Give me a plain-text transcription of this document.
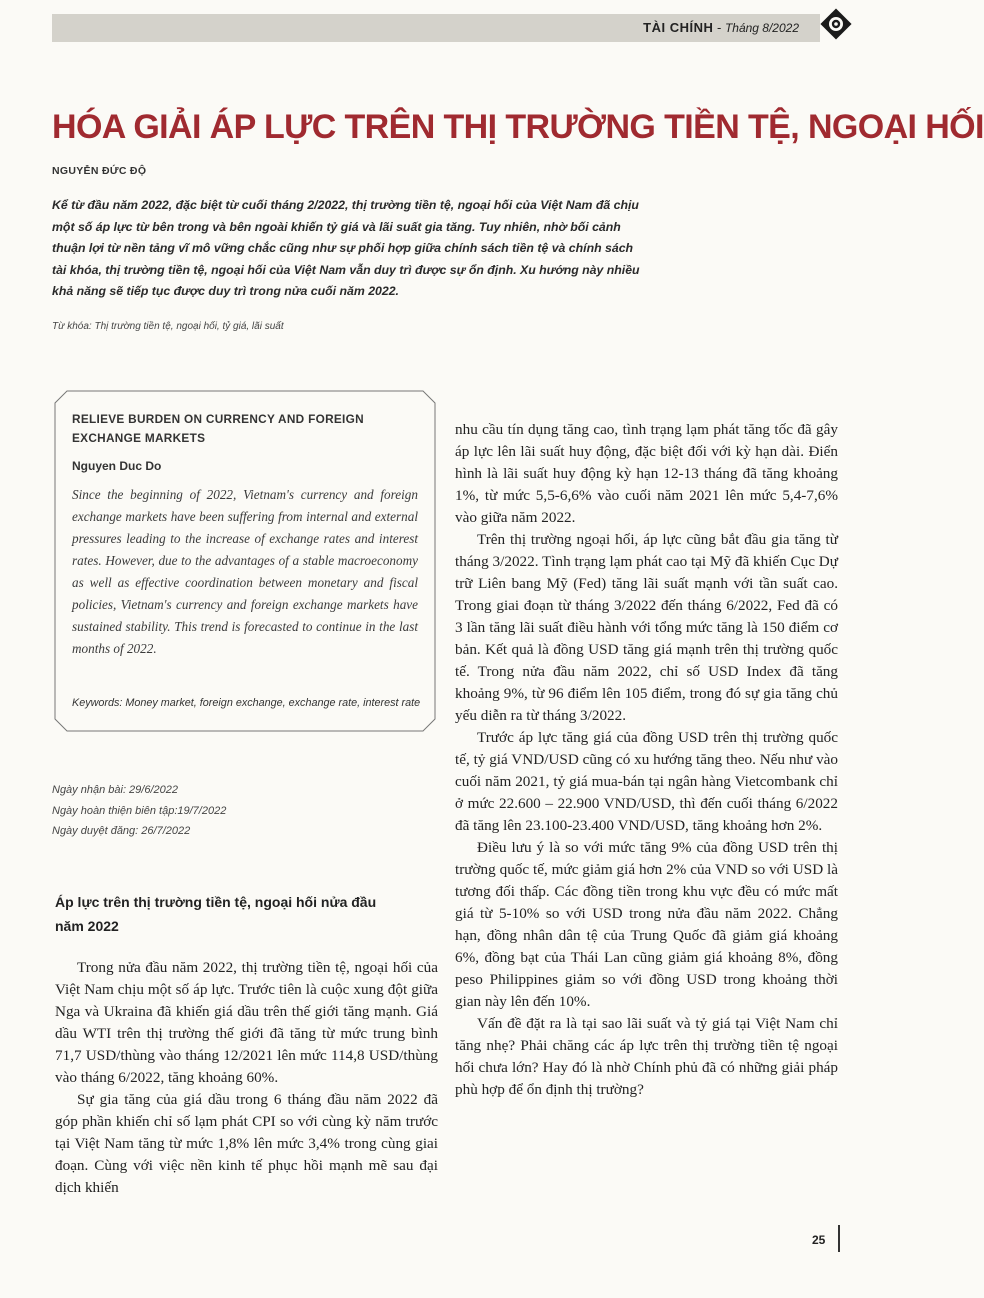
TÀI CHÍNH - Tháng 8/2022
HÓA GIẢI ÁP LỰC TRÊN THỊ TRƯỜNG TIỀN TỆ, NGOẠI HỐI
NGUYỄN ĐỨC ĐỘ
Kể từ đầu năm 2022, đặc biệt từ cuối tháng 2/2022, thị trường tiền tệ, ngoại hối của Việt Nam đã chịu một số áp lực từ bên trong và bên ngoài khiến tỷ giá và lãi suất gia tăng. Tuy nhiên, nhờ bối cảnh thuận lợi từ nền tảng vĩ mô vững chắc cũng như sự phối hợp giữa chính sách tiền tệ và chính sách tài khóa, thị trường tiền tệ, ngoại hối của Việt Nam vẫn duy trì được sự ổn định. Xu hướng này nhiều khả năng sẽ tiếp tục được duy trì trong nửa cuối năm 2022.
Từ khóa: Thị trường tiền tệ, ngoại hối, tỷ giá, lãi suất
RELIEVE BURDEN ON CURRENCY AND FOREIGN EXCHANGE MARKETS
Nguyen Duc Do
Since the beginning of 2022, Vietnam's currency and foreign exchange markets have been suffering from internal and external pressures leading to the increase of exchange rates and interest rates. However, due to the advantages of a stable macroeconomy as well as effective coordination between monetary and fiscal policies, Vietnam's currency and foreign exchange markets have sustained stability. This trend is forecasted to continue in the last months of 2022.
Keywords: Money market, foreign exchange, exchange rate, interest rate
Ngày nhận bài: 29/6/2022
Ngày hoàn thiện biên tập:19/7/2022
Ngày duyệt đăng: 26/7/2022
Áp lực trên thị trường tiền tệ, ngoại hối nửa đầu năm 2022

Trong nửa đầu năm 2022, thị trường tiền tệ, ngoại hối của Việt Nam chịu một số áp lực. Trước tiên là cuộc xung đột giữa Nga và Ukraina đã khiến giá dầu trên thế giới tăng mạnh. Giá dầu WTI trên thị trường thế giới đã tăng từ mức trung bình 71,7 USD/thùng vào tháng 12/2021 lên mức 114,8 USD/thùng vào tháng 6/2022, tăng khoảng 60%.

Sự gia tăng của giá dầu trong 6 tháng đầu năm 2022 đã góp phần khiến chỉ số lạm phát CPI so với cùng kỳ năm trước tại Việt Nam tăng từ mức 1,8% lên mức 3,4% trong cùng giai đoạn. Cùng với việc nền kinh tế phục hồi mạnh mẽ sau đại dịch khiến

nhu cầu tín dụng tăng cao, tình trạng lạm phát tăng tốc đã gây áp lực lên lãi suất huy động, đặc biệt đối với kỳ hạn dài. Điển hình là lãi suất huy động kỳ hạn 12-13 tháng đã tăng khoảng 1%, từ mức 5,5-6,6% vào cuối năm 2021 lên mức 5,4-7,6% vào giữa năm 2022.

Trên thị trường ngoại hối, áp lực cũng bắt đầu gia tăng từ tháng 3/2022. Tình trạng lạm phát cao tại Mỹ đã khiến Cục Dự trữ Liên bang Mỹ (Fed) tăng lãi suất mạnh với tần suất cao. Trong giai đoạn từ tháng 3/2022 đến tháng 6/2022, Fed đã có 3 lần tăng lãi suất điều hành với tổng mức tăng là 150 điểm cơ bản. Kết quả là đồng USD tăng giá mạnh trên thị trường quốc tế. Trong nửa đầu năm 2022, chỉ số USD Index đã tăng khoảng 9%, từ 96 điểm lên 105 điểm, trong đó sự gia tăng chủ yếu diễn ra từ tháng 3/2022.

Trước áp lực tăng giá của đồng USD trên thị trường quốc tế, tỷ giá VND/USD cũng có xu hướng tăng theo. Nếu như vào cuối năm 2021, tỷ giá mua-bán tại ngân hàng Vietcombank chỉ ở mức 22.600 – 22.900 VND/USD, thì đến cuối tháng 6/2022 đã tăng lên 23.100-23.400 VND/USD, tăng khoảng hơn 2%.

Điều lưu ý là so với mức tăng 9% của đồng USD trên thị trường quốc tế, mức giảm giá hơn 2% của VND so với USD là tương đối thấp. Các đồng tiền trong khu vực đều có mức mất giá từ 5-10% so với USD trong nửa đầu năm 2022. Chẳng hạn, đồng nhân dân tệ của Trung Quốc đã giảm giá khoảng 6%, đồng bạt của Thái Lan cũng giảm giá khoảng 8%, đồng peso Philippines giảm so với đồng USD trong khoảng thời gian này lên đến 10%.

Vấn đề đặt ra là tại sao lãi suất và tỷ giá tại Việt Nam chỉ tăng nhẹ? Phải chăng các áp lực trên thị trường tiền tệ ngoại hối chưa lớn? Hay đó là nhờ Chính phủ đã có những giải pháp phù hợp để ổn định thị trường?

25
